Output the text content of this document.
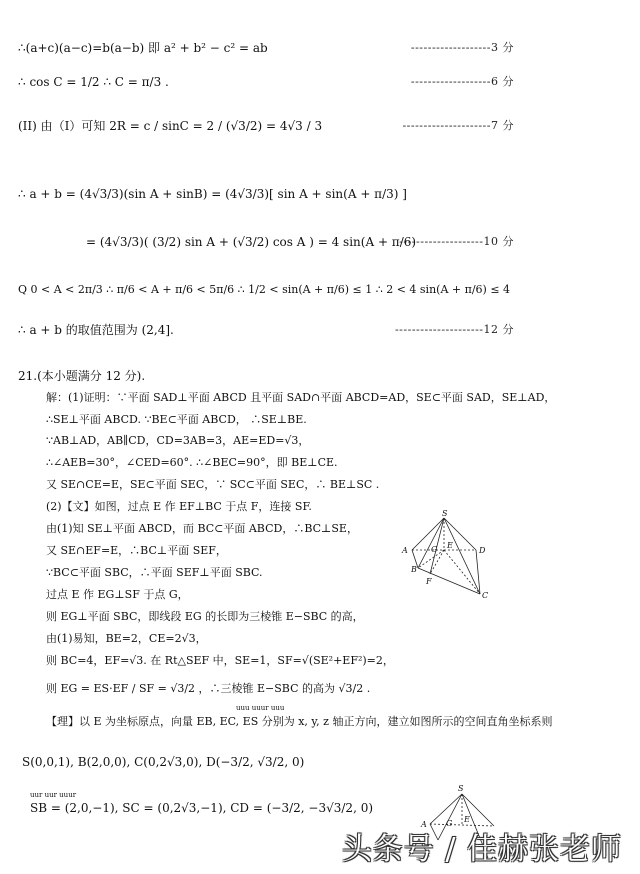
∴(a+c)(a−c)=b(a−b) 即 a² + b² − c² = ab	-------------------3 分
∴ cos C = 1/2 ∴ C = π/3 .	-------------------6 分
(II) 由（I）可知 2R = c / sinC = 2 / (√3/2) = 4√3 / 3	---------------------7 分
∴ a + b = (4√3/3)(sin A + sinB) = (4√3/3)[ sin A + sin(A + π/3) ]
= (4√3/3)( (3/2) sin A + (√3/2) cos A ) = 4 sin(A + π/6)
--------------------10 分
Q 0 < A < 2π/3 ∴ π/6 < A + π/6 < 5π/6 ∴ 1/2 < sin(A + π/6) ≤ 1 ∴ 2 < 4 sin(A + π/6) ≤ 4
∴ a + b 的取值范围为 (2,4].	---------------------12 分
21.(本小题满分 12 分).
解：(1)证明：∵平面 SAD⊥平面 ABCD 且平面 SAD∩平面 ABCD=AD，SE⊂平面 SAD，SE⊥AD，
∴SE⊥平面 ABCD. ∵BE⊂平面 ABCD， ∴SE⊥BE.
∵AB⊥AD，AB∥CD，CD=3AB=3，AE=ED=√3，
∴∠AEB=30°，∠CED=60°. ∴∠BEC=90°，即 BE⊥CE.
又 SE∩CE=E，SE⊂平面 SEC，∵ SC⊂平面 SEC，∴ BE⊥SC .
(2)【文】如图，过点 E 作 EF⊥BC 于点 F，连接 SF.
由(1)知 SE⊥平面 ABCD，而 BC⊂平面 ABCD，∴BC⊥SE，
又 SE∩EF=E，∴BC⊥平面 SEF，
∵BC⊂平面 SBC，∴平面 SEF⊥平面 SBC.
过点 E 作 EG⊥SF 于点 G，
则 EG⊥平面 SBC，即线段 EG 的长即为三棱锥 E−SBC 的高，
由(1)易知，BE=2，CE=2√3，
则 BC=4，EF=√3. 在 Rt△SEF 中，SE=1，SF=√(SE²+EF²)=2，
则 EG = ES·EF / SF = √3/2 ，∴三棱锥 E−SBC 的高为 √3/2 .
uuu uuur uuu
【理】以 E 为坐标原点，向量 EB, EC, ES 分别为 x, y, z 轴正方向，建立如图所示的空间直角坐标系则
S(0,0,1), B(2,0,0), C(0,2√3,0), D(−3/2, √3/2, 0)
uur uur uuur
SB = (2,0,−1), SC = (0,2√3,−1), CD = (−3/2, −3√3/2, 0)
S
A
E
D
G
B
F
C
S
A
E
G
头条号 / 佳赫张老师
